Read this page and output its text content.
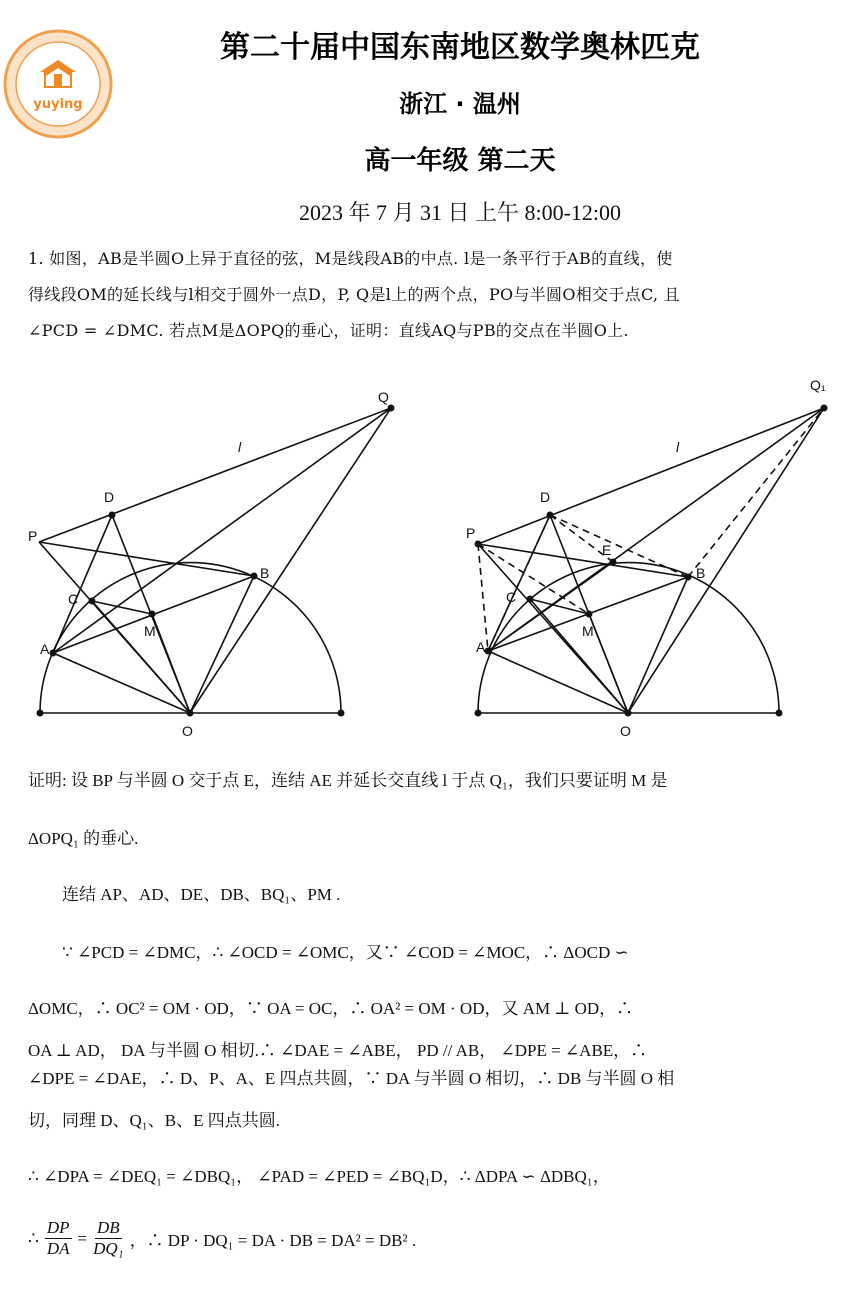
yuying
第二十届中国东南地区数学奥林匹克
浙江 · 温州
高一年级 第二天
2023 年 7 月 31 日 上午 8:00-12:00
1. 如图，AB是半圆O上异于直径的弦，M是线段AB的中点. l是一条平行于AB的直线，使
得线段OM的延长线与l相交于圆外一点D，P, Q是l上的两个点，PO与半圆O相交于点C, 且
∠PCD = ∠DMC. 若点M是ΔOPQ的垂心，证明：直线AQ与PB的交点在半圆O上.
Q
l
D
P
B
C
M
A
O
Q₁
l
D
P
E
B
C
M
A
O
证明: 设 BP 与半圆 O 交于点 E，连结 AE 并延长交直线 l 于点 Q₁，我们只要证明 M 是
ΔOPQ₁ 的垂心.
连结 AP、AD、DE、DB、BQ₁、PM .
∵ ∠PCD = ∠DMC，∴ ∠OCD = ∠OMC，又∵ ∠COD = ∠MOC，∴ ΔOCD ∽
ΔOMC，∴ OC² = OM · OD，∵ OA = OC，∴ OA² = OM · OD，又 AM ⊥ OD，∴
OA ⊥ AD， DA 与半圆 O 相切.∴ ∠DAE = ∠ABE， PD // AB， ∠DPE = ∠ABE，∴
∠DPE = ∠DAE，∴ D、P、A、E 四点共圆，∵ DA 与半圆 O 相切，∴ DB 与半圆 O 相
切，同理 D、Q₁、B、E 四点共圆.
∴ ∠DPA = ∠DEQ₁ = ∠DBQ₁， ∠PAD = ∠PED = ∠BQ₁D，∴ ΔDPA ∽ ΔDBQ₁，
∴ $\frac{DP}{DA} = \frac{DB}{\text{DQ₁}}$ ，∴ DP · DQ₁ = DA · DB = DA² = DB² .
